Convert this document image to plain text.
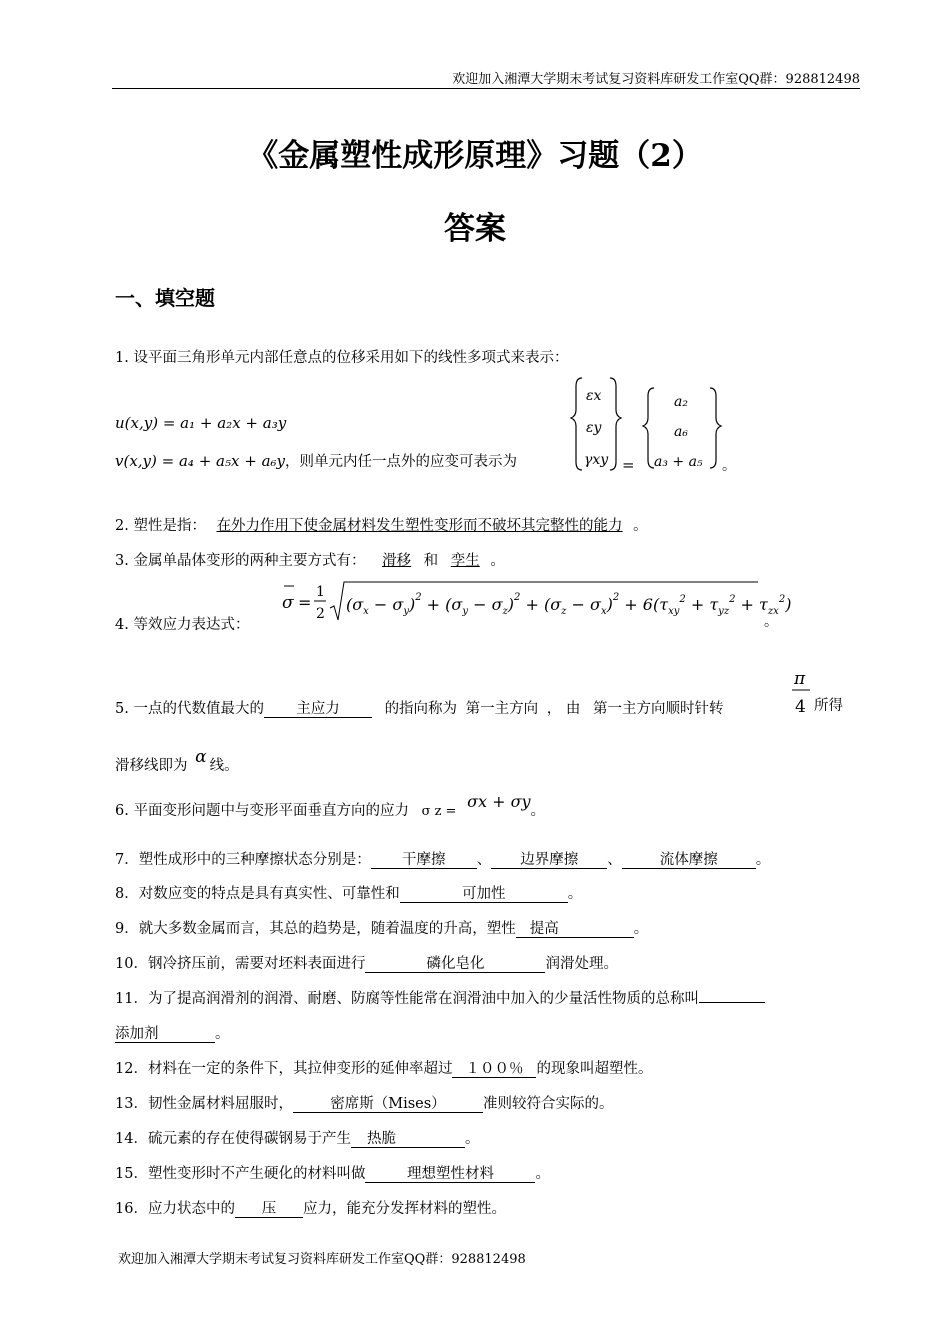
欢迎加入湘潭大学期末考试复习资料库研发工作室QQ群：928812498
《金属塑性成形原理》习题（2）
答案
一、填空题
1. 设平面三角形单元内部任意点的位移采用如下的线性多项式来表示：
u(x,y) = a₁ + a₂x + a₃y
v(x,y) = a₄ + a₅x + a₆y，则单元内任一点外的应变可表示为
εx
εy
γxy =
a₂
a₆
a₃ + a₅ 。
2. 塑性是指： 在外力作用下使金属材料发生塑性变形而不破坏其完整性的能力 。
3. 金属单晶体变形的两种主要方式有： 滑移 和 孪生 。
4. 等效应力表达式：
σ =
1
2 $(\sigma_x - \sigma_y)^2 + (\sigma_y - \sigma_z)^2 + (\sigma_z - \sigma_x)^2 + 6(\tau_{xy}^2 + \tau_{yz}^2 + \tau_{zx}^2)$
。
5. 一点的代数值最大的 主应力	的指向称为 第一主方向 ， 由 第一主方向顺时针转
π
4 所得
滑移线即为 α 线。
6. 平面变形问题中与变形平面垂直方向的应力 σ z = σx + σy。
7．塑性成形中的三种摩擦状态分别是： 干摩擦 、 边界摩擦 、	流体摩擦	。
8．对数应变的特点是具有真实性、可靠性和	可加性	。
9．就大多数金属而言，其总的趋势是，随着温度的升高，塑性 提高	。
10．钢冷挤压前，需要对坯料表面进行	磷化皂化	润滑处理。
11．为了提高润滑剂的润滑、耐磨、防腐等性能常在润滑油中加入的少量活性物质的总称叫
添加剂	。
12．材料在一定的条件下，其拉伸变形的延伸率超过 １００％ 的现象叫超塑性。
13．韧性金属材料屈服时，	密席斯（Mises）	准则较符合实际的。
14．硫元素的存在使得碳钢易于产生 热脆	。
15．塑性变形时不产生硬化的材料叫做	理想塑性材料	。
16．应力状态中的 压 应力，能充分发挥材料的塑性。
欢迎加入湘潭大学期末考试复习资料库研发工作室QQ群：928812498
